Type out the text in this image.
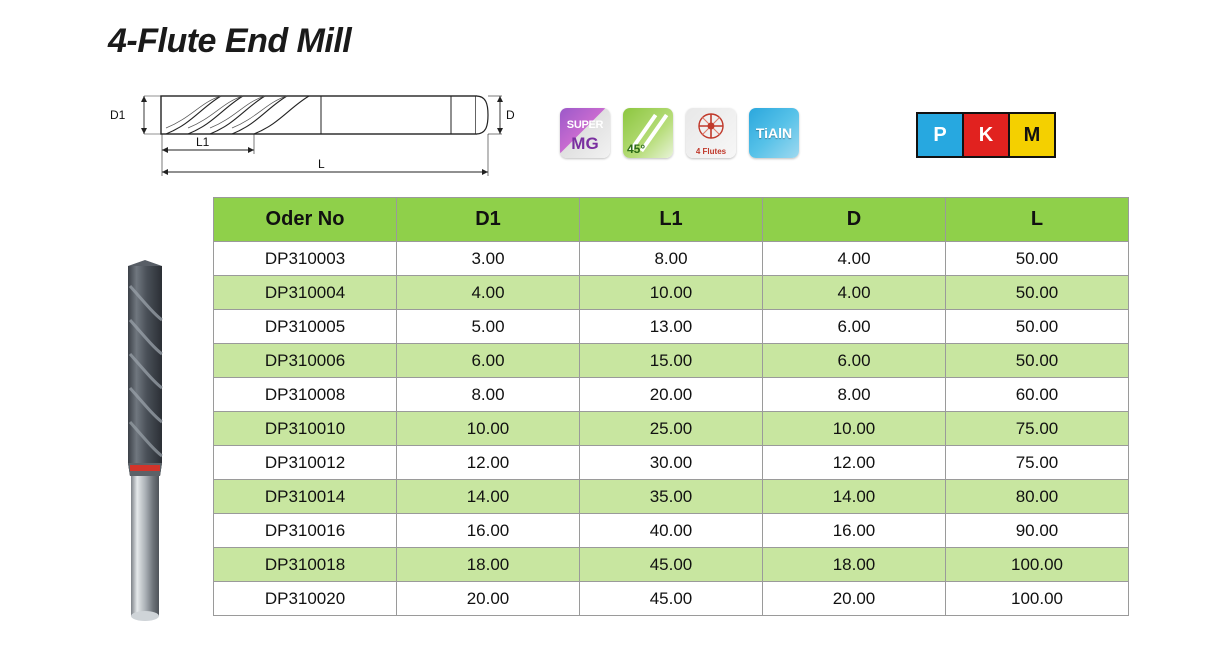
4-Flute End Mill
D1	D
L1
L
SUPER
MG 45°	4 Flutes
TiAlN	P	K	M
Oder No	D1	L1	D	L
DP310003	3.00	8.00	4.00	50.00
DP310004	4.00	10.00	4.00	50.00
DP310005	5.00	13.00	6.00	50.00
DP310006	6.00	15.00	6.00	50.00
DP310008	8.00	20.00	8.00	60.00
DP310010	10.00	25.00	10.00	75.00
DP310012	12.00	30.00	12.00	75.00
DP310014	14.00	35.00	14.00	80.00
DP310016	16.00	40.00	16.00	90.00
DP310018	18.00	45.00	18.00	100.00
DP310020	20.00	45.00	20.00	100.00
